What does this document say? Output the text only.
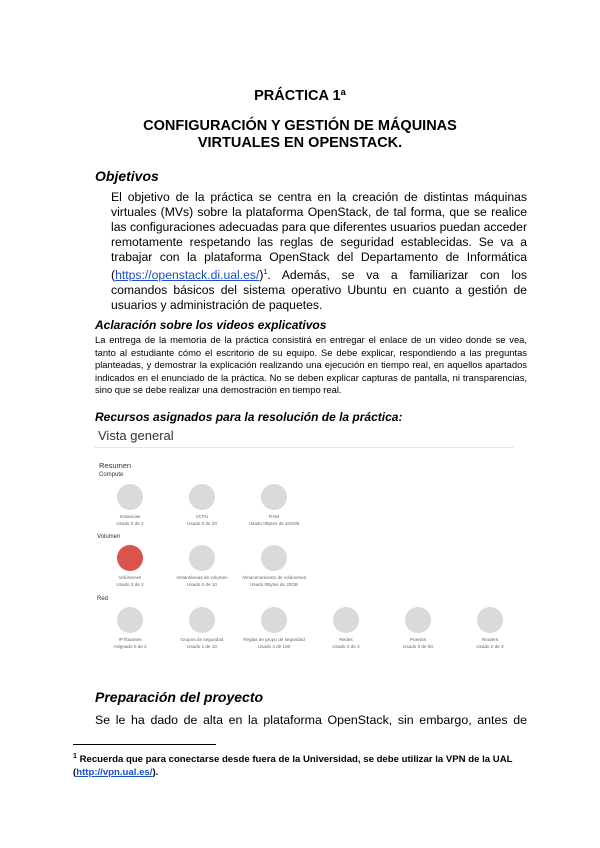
PRÁCTICA 1ª
CONFIGURACIÓN Y GESTIÓN DE MÁQUINAS
VIRTUALES EN OPENSTACK.
Objetivos
El objetivo de la práctica se centra en la creación de distintas máquinas virtuales (MVs) sobre la plataforma OpenStack, de tal forma, que se realice las configuraciones adecuadas para que diferentes usuarios puedan acceder remotamente respetando las reglas de seguridad establecidas. Se va a trabajar con la plataforma OpenStack del Departamento de Informática (https://openstack.di.ual.es/)$^1$. Además, se va a familiarizar con los comandos básicos del sistema operativo Ubuntu en cuanto a gestión de usuarios y administración de paquetes.
Aclaración sobre los videos explicativos
La entrega de la memoria de la práctica consistirá en entregar el enlace de un video donde se vea, tanto al estudiante cómo el escritorio de su equipo. Se debe explicar, respondiendo a las preguntas planteadas, y demostrar la explicación realizando una ejecución en tiempo real, en aquellos apartados indicados en el enunciado de la práctica. No se deben explicar capturas de pantalla, ni transparencias, sino que se debe realizar una demostración en tiempo real.
Recursos asignados para la resolución de la práctica:
Vista general
Resumen
Compute
Instancias
Usado 0 de 2
VCPU
Usado 0 de 20
RAM
Usado 0Bytes de 100GB
Volumen
Volúmenes
Usado 2 de 2
Instantáneas de volumen
Usado 0 de 10
Almacenamiento de volúmenes
Usado 0Bytes de 20GB
Red
IP flotantes
Asignado 0 de 2
Grupos de seguridad
Usado 1 de 10
Reglas de grupo de seguridad
Usado 4 de 100
Redes
Usado 0 de 2
Puertos
Usado 0 de 50
Routers
Usado 0 de 2
Preparación del proyecto
Se le ha dado de alta en la plataforma OpenStack, sin embargo, antes de
$^1$ Recuerda que para conectarse desde fuera de la Universidad, se debe utilizar la VPN de la UAL (http://vpn.ual.es/).
